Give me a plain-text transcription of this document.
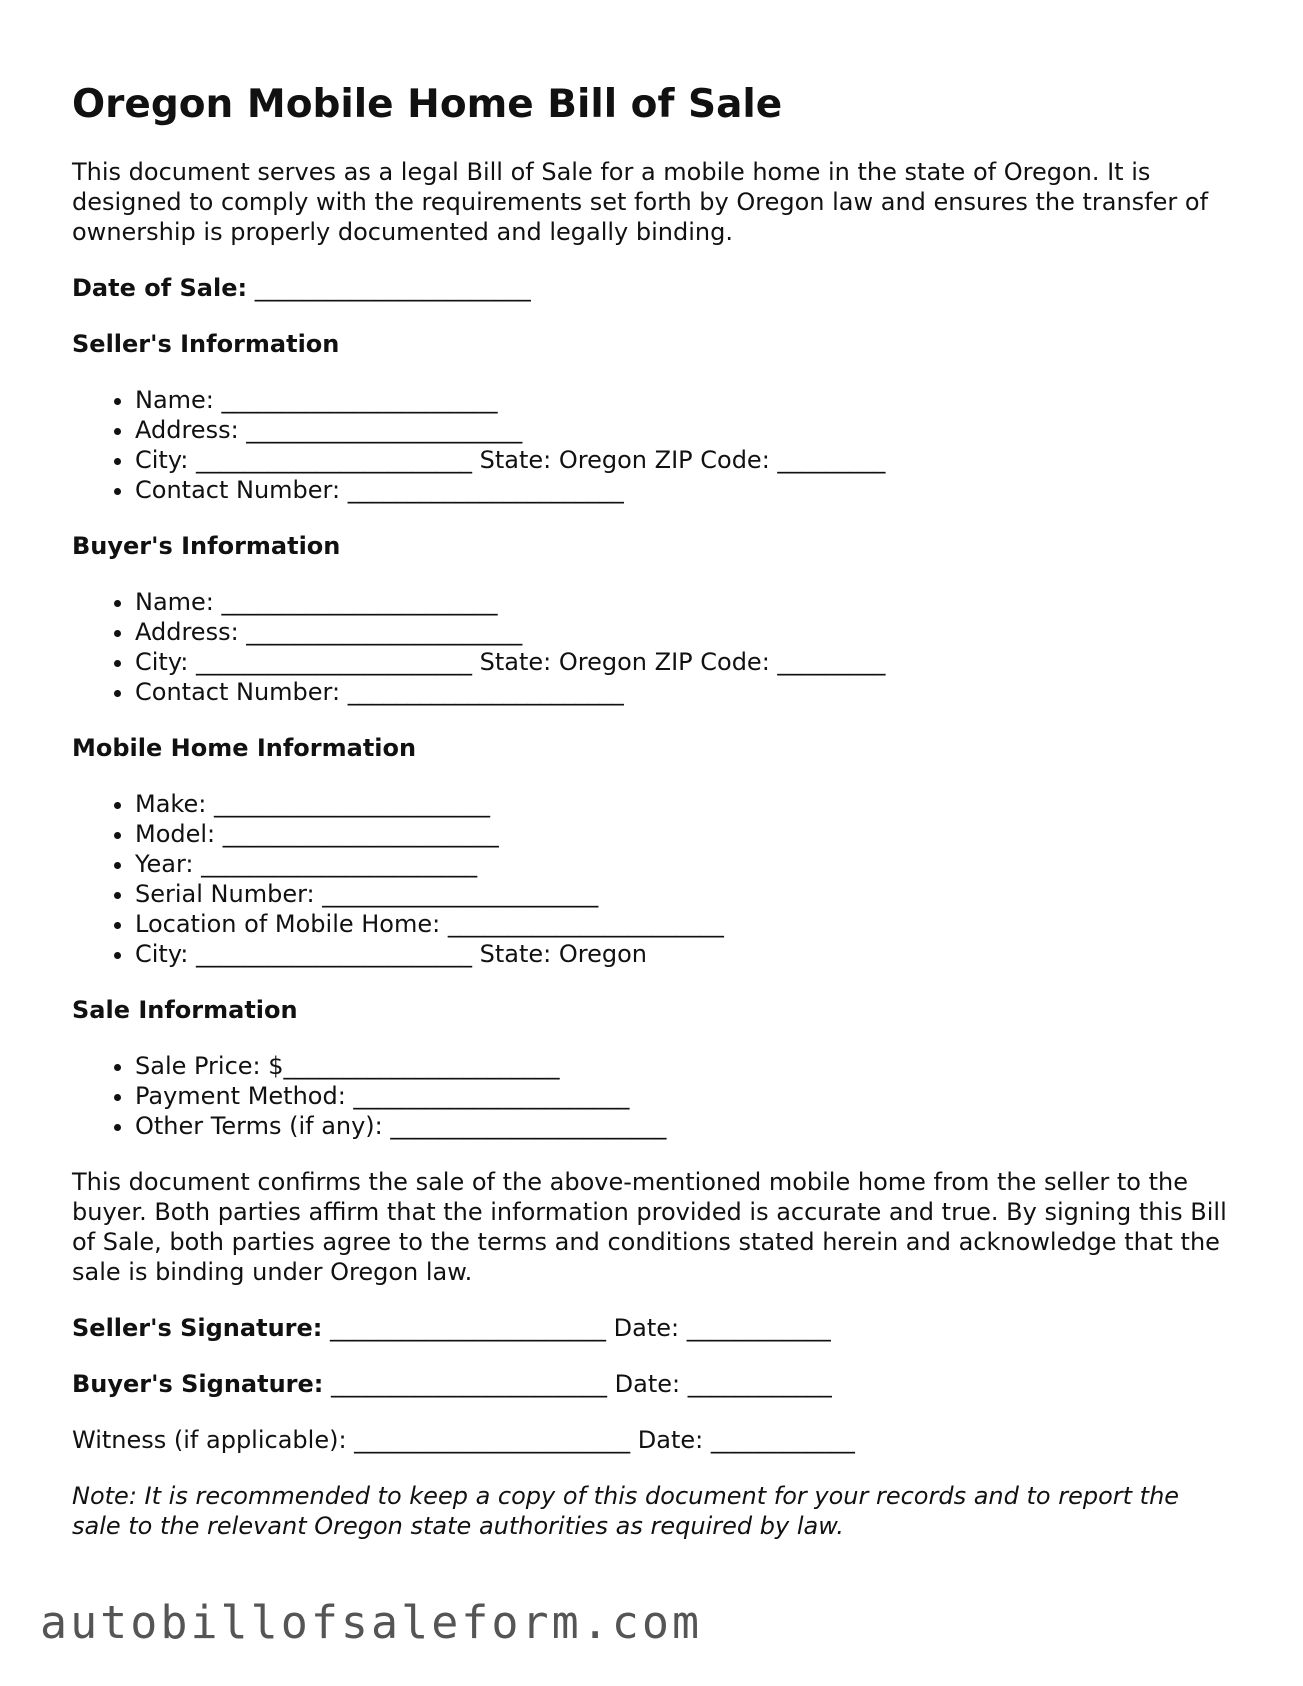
Oregon Mobile Home Bill of Sale

This document serves as a legal Bill of Sale for a mobile home in the state of Oregon. It is designed to comply with the requirements set forth by Oregon law and ensures the transfer of ownership is properly documented and legally binding.

Date of Sale: _______________________

Seller's Information
• Name: _______________________
• Address: _______________________
• City: _______________________ State: Oregon ZIP Code: _________
• Contact Number: _______________________
Buyer's Information
• Name: _______________________
• Address: _______________________
• City: _______________________ State: Oregon ZIP Code: _________
• Contact Number: _______________________
Mobile Home Information
• Make: _______________________
• Model: _______________________
• Year: _______________________
• Serial Number: _______________________
• Location of Mobile Home: _______________________
• City: _______________________ State: Oregon
Sale Information
• Sale Price: $_______________________
• Payment Method: _______________________
• Other Terms (if any): _______________________

This document confirms the sale of the above-mentioned mobile home from the seller to the buyer. Both parties affirm that the information provided is accurate and true. By signing this Bill of Sale, both parties agree to the terms and conditions stated herein and acknowledge that the sale is binding under Oregon law.

Seller's Signature: _______________________ Date: ____________

Buyer's Signature: _______________________ Date: ____________

Witness (if applicable): _______________________ Date: ____________

Note: It is recommended to keep a copy of this document for your records and to report the sale to the relevant Oregon state authorities as required by law.

autobillofsaleform.com
